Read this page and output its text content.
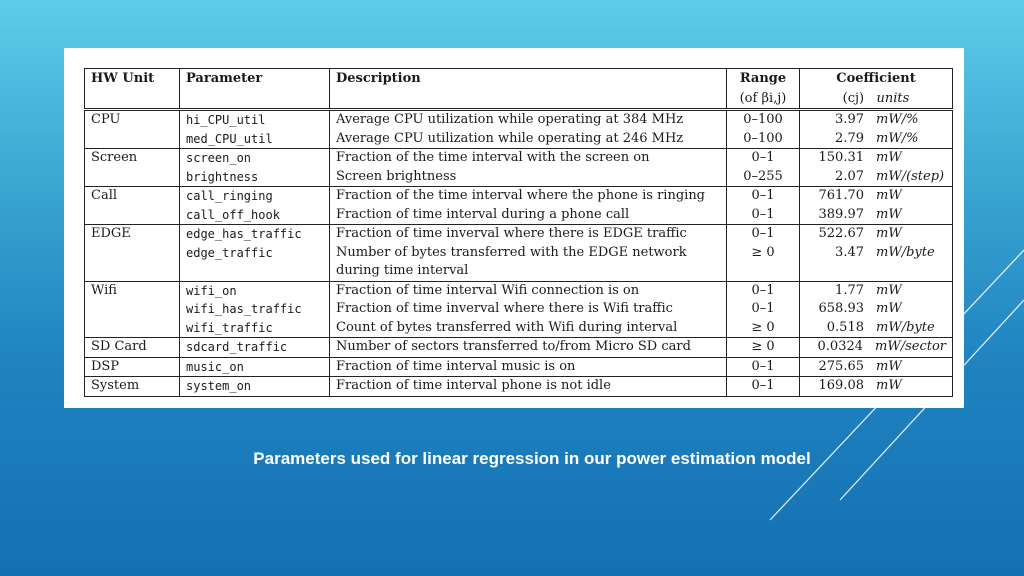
HW Unit	Parameter	Description	Range	Coefficient
			(of βi,j)	(cj) units
CPU	hi_CPU_util	Average CPU utilization while operating at 384 MHz	0–100	3.97 mW/%

	med_CPU_util	Average CPU utilization while operating at 246 MHz	0–100	2.79 mW/%

Screen	screen_on	Fraction of the time interval with the screen on	0–1	150.31 mW

	brightness	Screen brightness	0–255	2.07 mW/(step)

Call	call_ringing	Fraction of the time interval where the phone is ringing	0–1	761.70 mW

	call_off_hook	Fraction of time interval during a phone call	0–1	389.97 mW

EDGE	edge_has_traffic	Fraction of time inverval where there is EDGE traffic	0–1	522.67 mW

	edge_traffic	Number of bytes transferred with the EDGE network during time interval	≥ 0	3.47 mW/byte

Wifi	wifi_on	Fraction of time interval Wifi connection is on	0–1	1.77 mW

	wifi_has_traffic	Fraction of time inverval where there is Wifi traffic	0–1	658.93 mW

	wifi_traffic	Count of bytes transferred with Wifi during interval	≥ 0	0.518 mW/byte

SD Card	sdcard_traffic	Number of sectors transferred to/from Micro SD card	≥ 0	0.0324 mW/sector

DSP	music_on	Fraction of time interval music is on	0–1	275.65 mW

System	system_on	Fraction of time interval phone is not idle	0–1	169.08 mW
Parameters used for linear regression in our power estimation model
